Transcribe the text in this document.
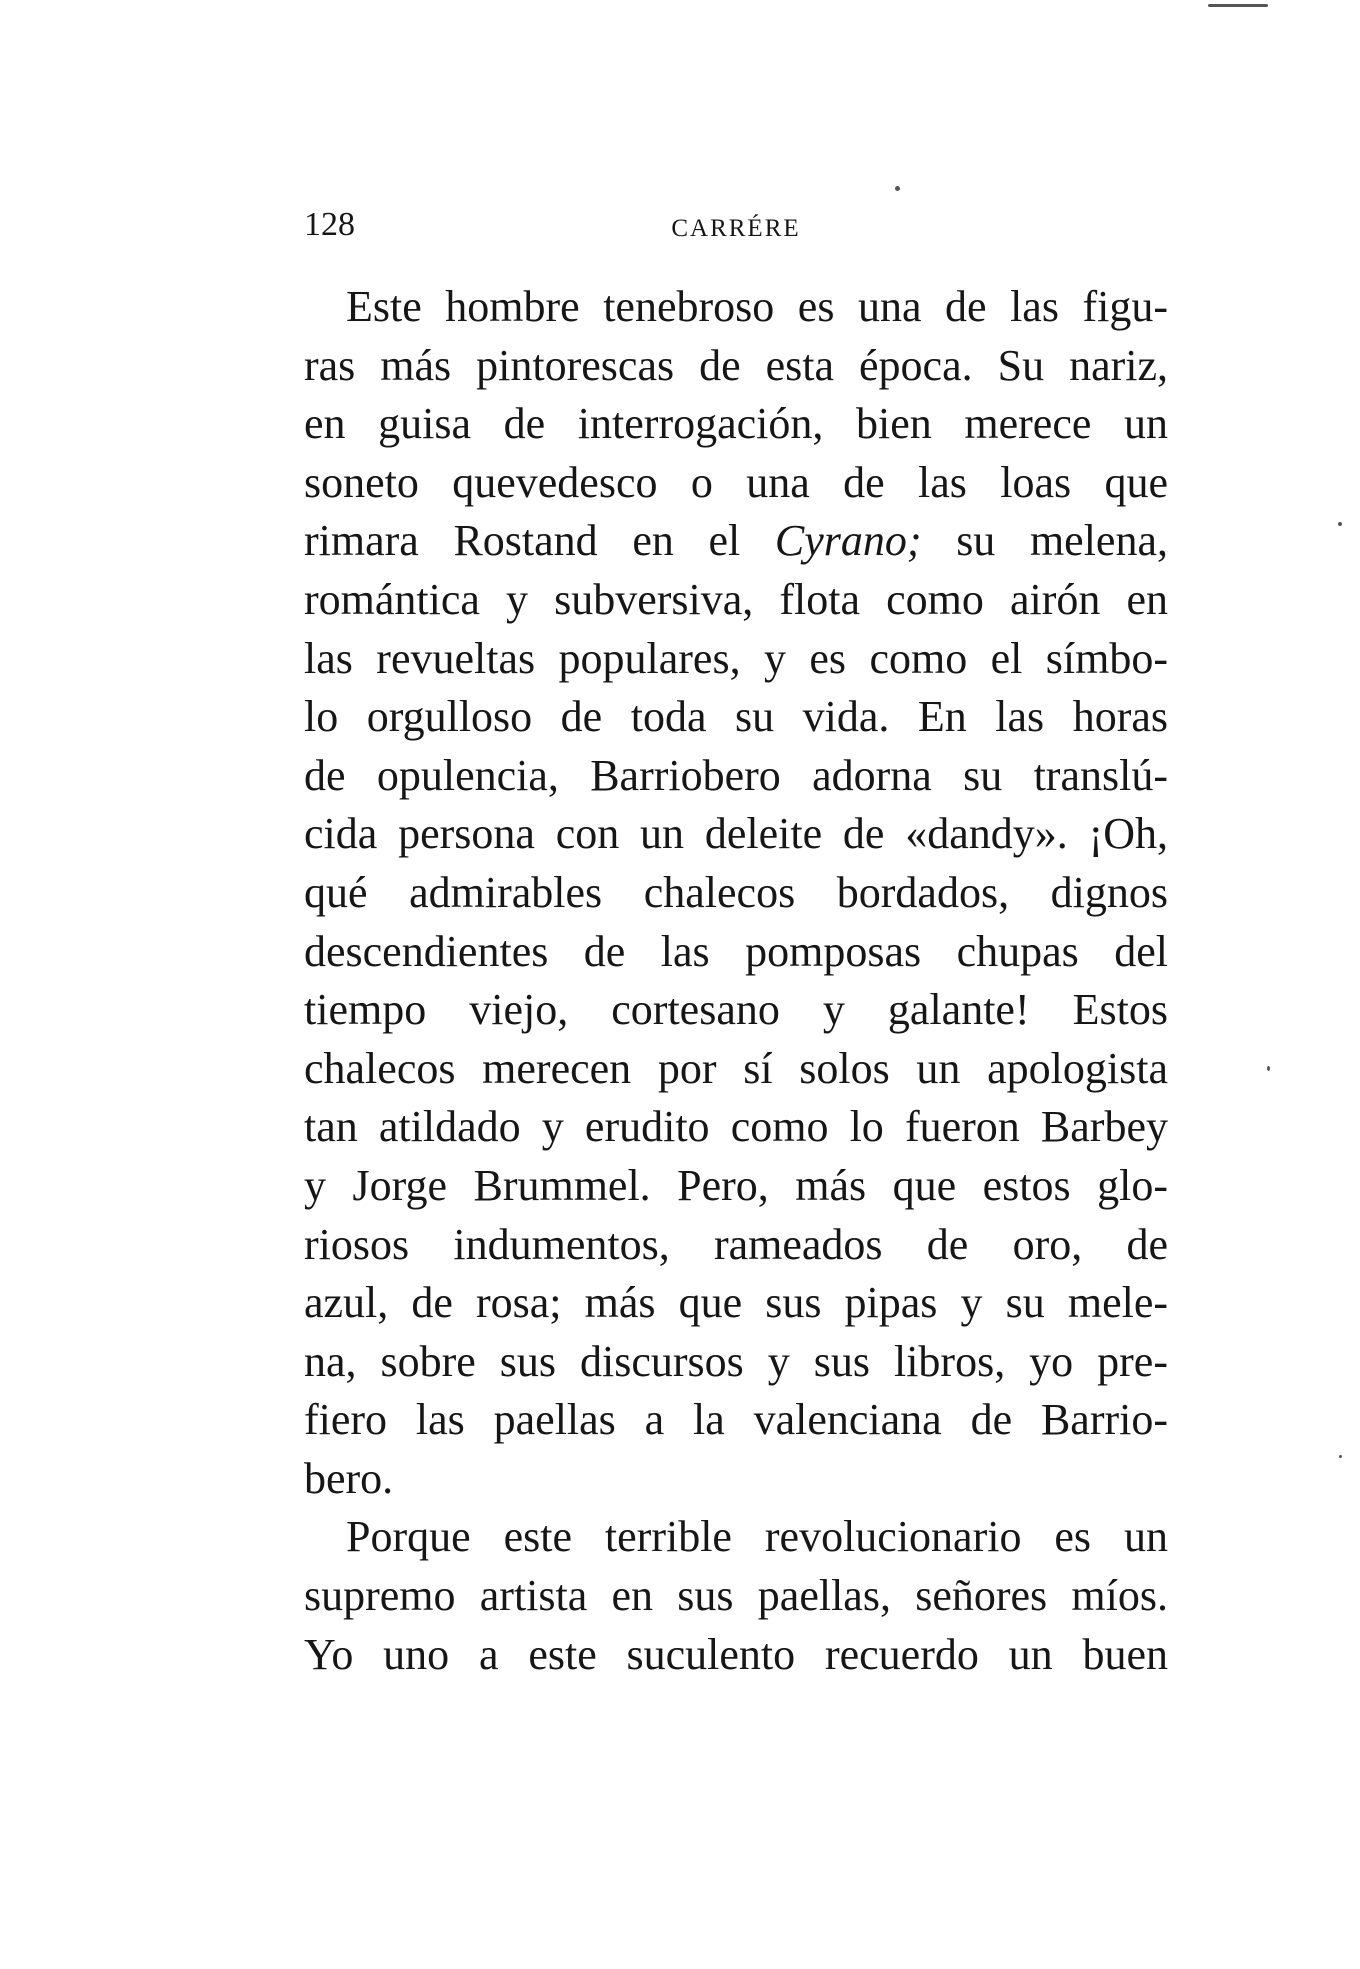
128	CARRÉRE
Este hombre tenebroso es una de las figu-
ras más pintorescas de esta época. Su nariz,
en guisa de interrogación, bien merece un
soneto quevedesco o una de las loas que
rimara Rostand en el Cyrano; su melena,
romántica y subversiva, flota como airón en
las revueltas populares, y es como el símbo-
lo orgulloso de toda su vida. En las horas
de opulencia, Barriobero adorna su translú-
cida persona con un deleite de «dandy». ¡Oh,
qué admirables chalecos bordados, dignos
descendientes de las pomposas chupas del
tiempo viejo, cortesano y galante! Estos
chalecos merecen por sí solos un apologista
tan atildado y erudito como lo fueron Barbey
y Jorge Brummel. Pero, más que estos glo-
riosos indumentos, rameados de oro, de
azul, de rosa; más que sus pipas y su mele-
na, sobre sus discursos y sus libros, yo pre-
fiero las paellas a la valenciana de Barrio-
bero.
Porque este terrible revolucionario es un
supremo artista en sus paellas, señores míos.
Yo uno a este suculento recuerdo un buen
